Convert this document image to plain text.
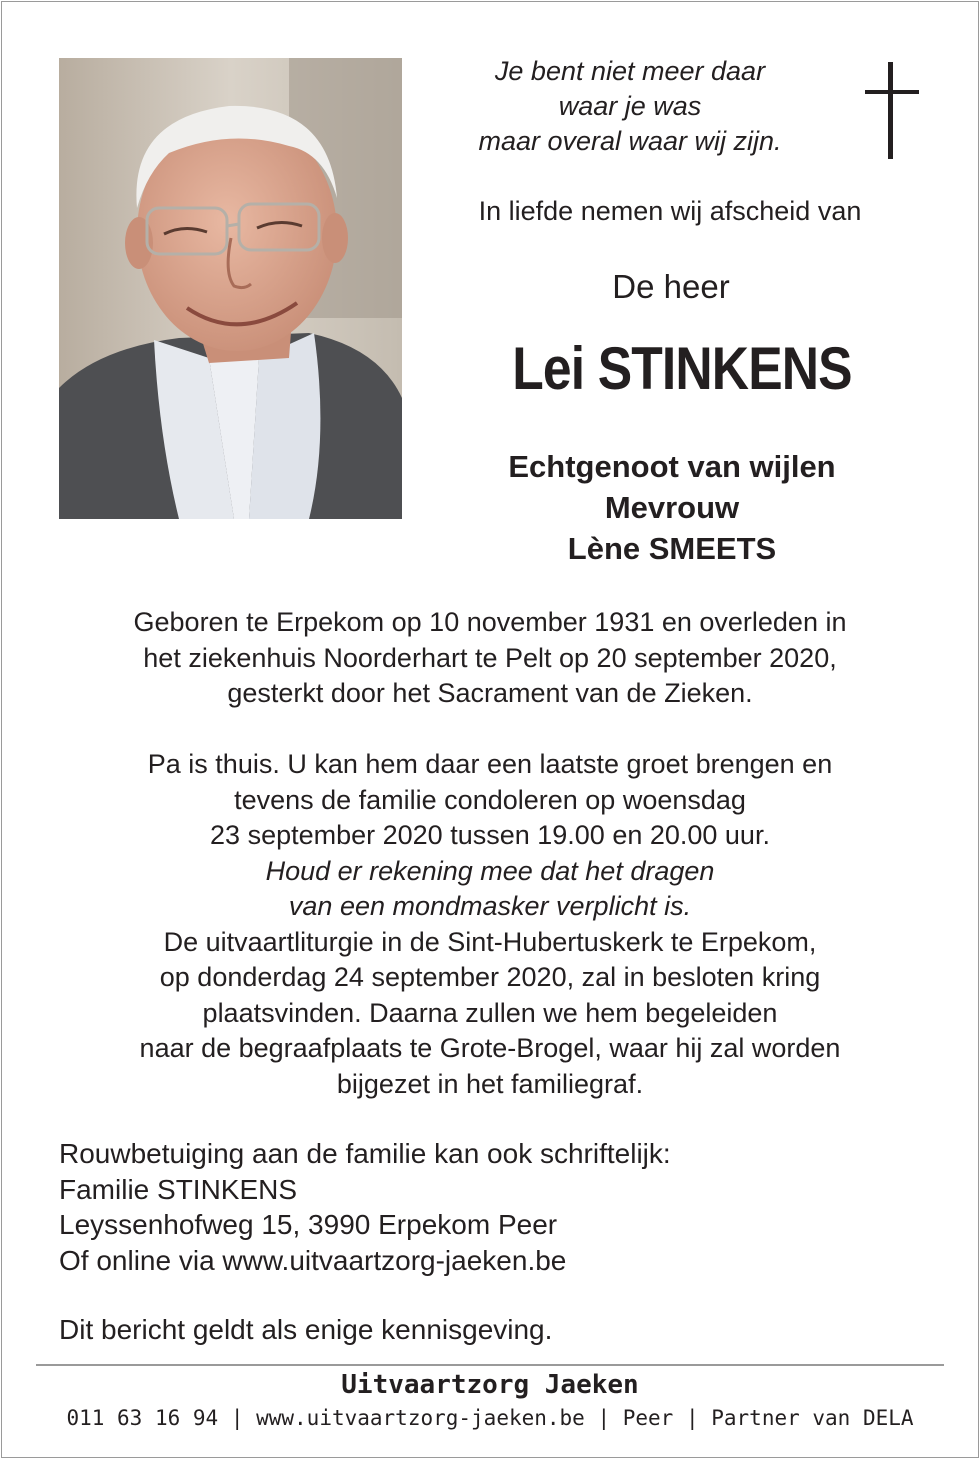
Je bent niet meer daar
waar je was
maar overal waar wij zijn.
In liefde nemen wij afscheid van
De heer
Lei STINKENS
Echtgenoot van wijlen
Mevrouw
Lène SMEETS
Geboren te Erpekom op 10 november 1931 en overleden in
het ziekenhuis Noorderhart te Pelt op 20 september 2020,
gesterkt door het Sacrament van de Zieken.
Pa is thuis. U kan hem daar een laatste groet brengen en
tevens de familie condoleren op woensdag
23 september 2020 tussen 19.00 en 20.00 uur.
Houd er rekening mee dat het dragen
van een mondmasker verplicht is.
De uitvaartliturgie in de Sint-Hubertuskerk te Erpekom,
op donderdag 24 september 2020, zal in besloten kring
plaatsvinden. Daarna zullen we hem begeleiden
naar de begraafplaats te Grote-Brogel, waar hij zal worden
bijgezet in het familiegraf.
Rouwbetuiging aan de familie kan ook schriftelijk:
Familie STINKENS
Leyssenhofweg 15, 3990 Erpekom Peer
Of online via www.uitvaartzorg-jaeken.be
Dit bericht geldt als enige kennisgeving.
Uitvaartzorg Jaeken
011 63 16 94 | www.uitvaartzorg-jaeken.be | Peer | Partner van DELA
